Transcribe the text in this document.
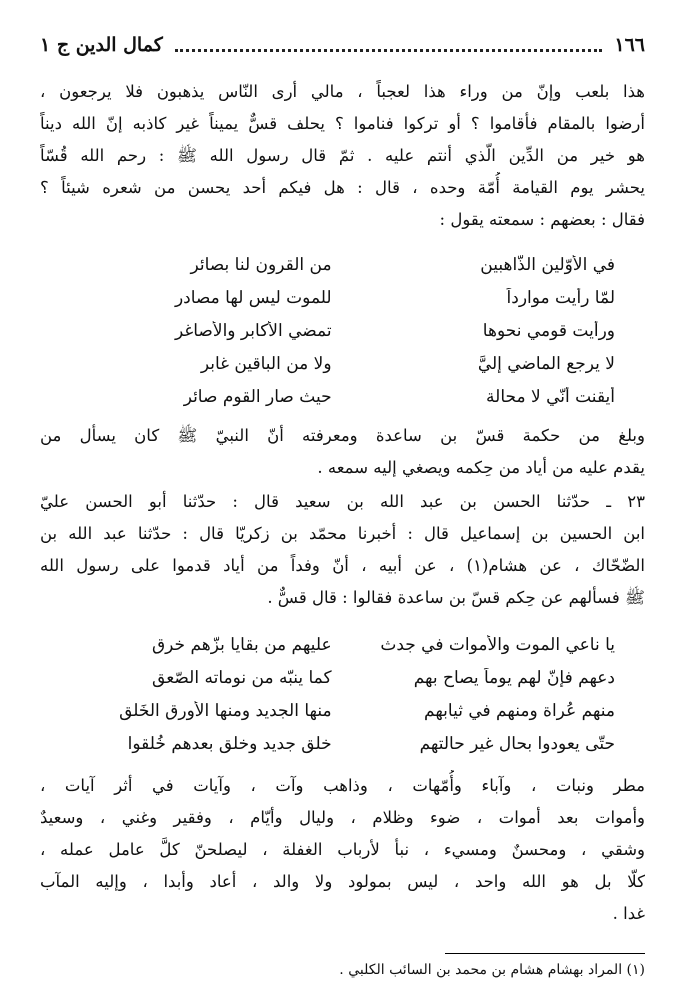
١٦٦
كمال الدين ج ١
هذا بلعب وإنّ من وراء هذا لعجباً ، مالي أرى النّاس يذهبون فلا يرجعون ،
أرضوا بالمقام فأقاموا ؟ أو تركوا فناموا ؟ يحلف قسٌّ يميناً غير كاذبه إنّ الله ديناً
هو خير من الدِّين الّذي أنتم عليه . ثمّ قال رسول الله ﷺ : رحم الله قُسّاً
يحشر يوم القيامة أُمّة وحده ، قال : هل فيكم أحد يحسن من شعره شيئاً ؟
فقال : بعضهم : سمعته يقول :
في الأوّلين الذّاهبين
من القرون لنا بصائر
لمّا رأيت موارداً
للموت ليس لها مصادر
ورأيت قومي نحوها
تمضي الأكابر والأصاغر
لا يرجع الماضي إليَّ
ولا من الباقين غابر
أيقنت أنّي لا محالة
حيث صار القوم صائر
وبلغ من حكمة قسّ بن ساعدة ومعرفته أنّ النبيّ ﷺ كان يسأل من
يقدم عليه من أياد من حِكمه ويصغي إليه سمعه .
٢٣ ـ حدّثنا الحسن بن عبد الله بن سعيد قال : حدّثنا أبو الحسن عليّ
ابن الحسين بن إسماعيل قال : أخبرنا محمّد بن زكريّا قال : حدّثنا عبد الله بن
الضّحّاك ، عن هشام(١) ، عن أبيه ، أنّ وفداً من أياد قدموا على رسول الله
ﷺ فسألهم عن حِكم قسّ بن ساعدة فقالوا : قال قسٌّ .
يا ناعي الموت والأموات في جدث
عليهم من بقايا بزّهم خرق
دعهم فإنّ لهم يوماً يصاح بهم
كما ينبّه من نوماته الصّعق
منهم عُراة ومنهم في ثيابهم
منها الجديد ومنها الأورق الخَلق
حتّى يعودوا بحال غير حالتهم
خلق جديد وخلق بعدهم خُلقوا
مطر ونبات ، وآباء وأُمّهات ، وذاهب وآت ، وآيات في أثر آيات ،
وأموات بعد أموات ، ضوء وظلام ، وليال وأيّام ، وفقير وغني ، وسعيدٌ
وشقي ، ومحسنٌ ومسيء ، نبأ لأرباب الغفلة ، ليصلحنّ كلَّ عامل عمله ،
كلّا بل هو الله واحد ، ليس بمولود ولا والد ، أعاد وأبدا ، وإليه المآب
غدا .
(١) المراد بهشام هشام بن محمد بن السائب الكلبي .
